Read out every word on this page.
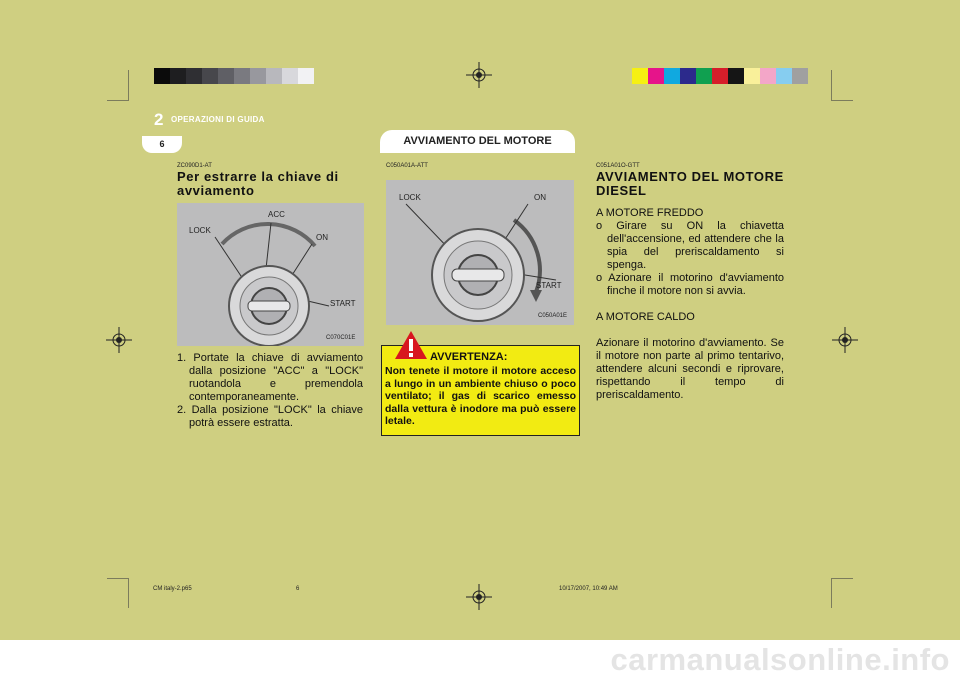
2 OPERAZIONI DI GUIDA
6	AVVIAMENTO DEL MOTORE
ZC090D1-AT
Per estrarre la chiave di avviamento
ACC
LOCK
ON
START
C070C01E
1. Portate la chiave di avviamento dalla posizione "ACC" a "LOCK" ruotandola e premendola contemporaneamente.
2. Dalla posizione "LOCK" la chiave potrà essere estratta.
C050A01A-ATT
LOCK	ON
START
C050A01E
AVVERTENZA:
Non tenete il motore il motore acceso a lungo in un ambiente chiuso o poco ventilato; il gas di scarico emesso dalla vettura è inodore ma può essere letale.
C051A01O-GTT
AVVIAMENTO DEL MOTORE DIESEL

A MOTORE FREDDO

o Girare su ON la chiavetta dell'accensione, ed attendere che la spia del preriscaldamento si spenga.
o Azionare il motorino d'avviamento finche il motore non si avvia.

A MOTORE CALDO

Azionare il motorino d'avviamento. Se il motore non parte al primo tentarivo, attendere alcuni secondi e riprovare, rispettando il tempo di preriscaldamento.

CM italy-2.p65	6	10/17/2007, 10:49 AM
carmanualsonline.info
